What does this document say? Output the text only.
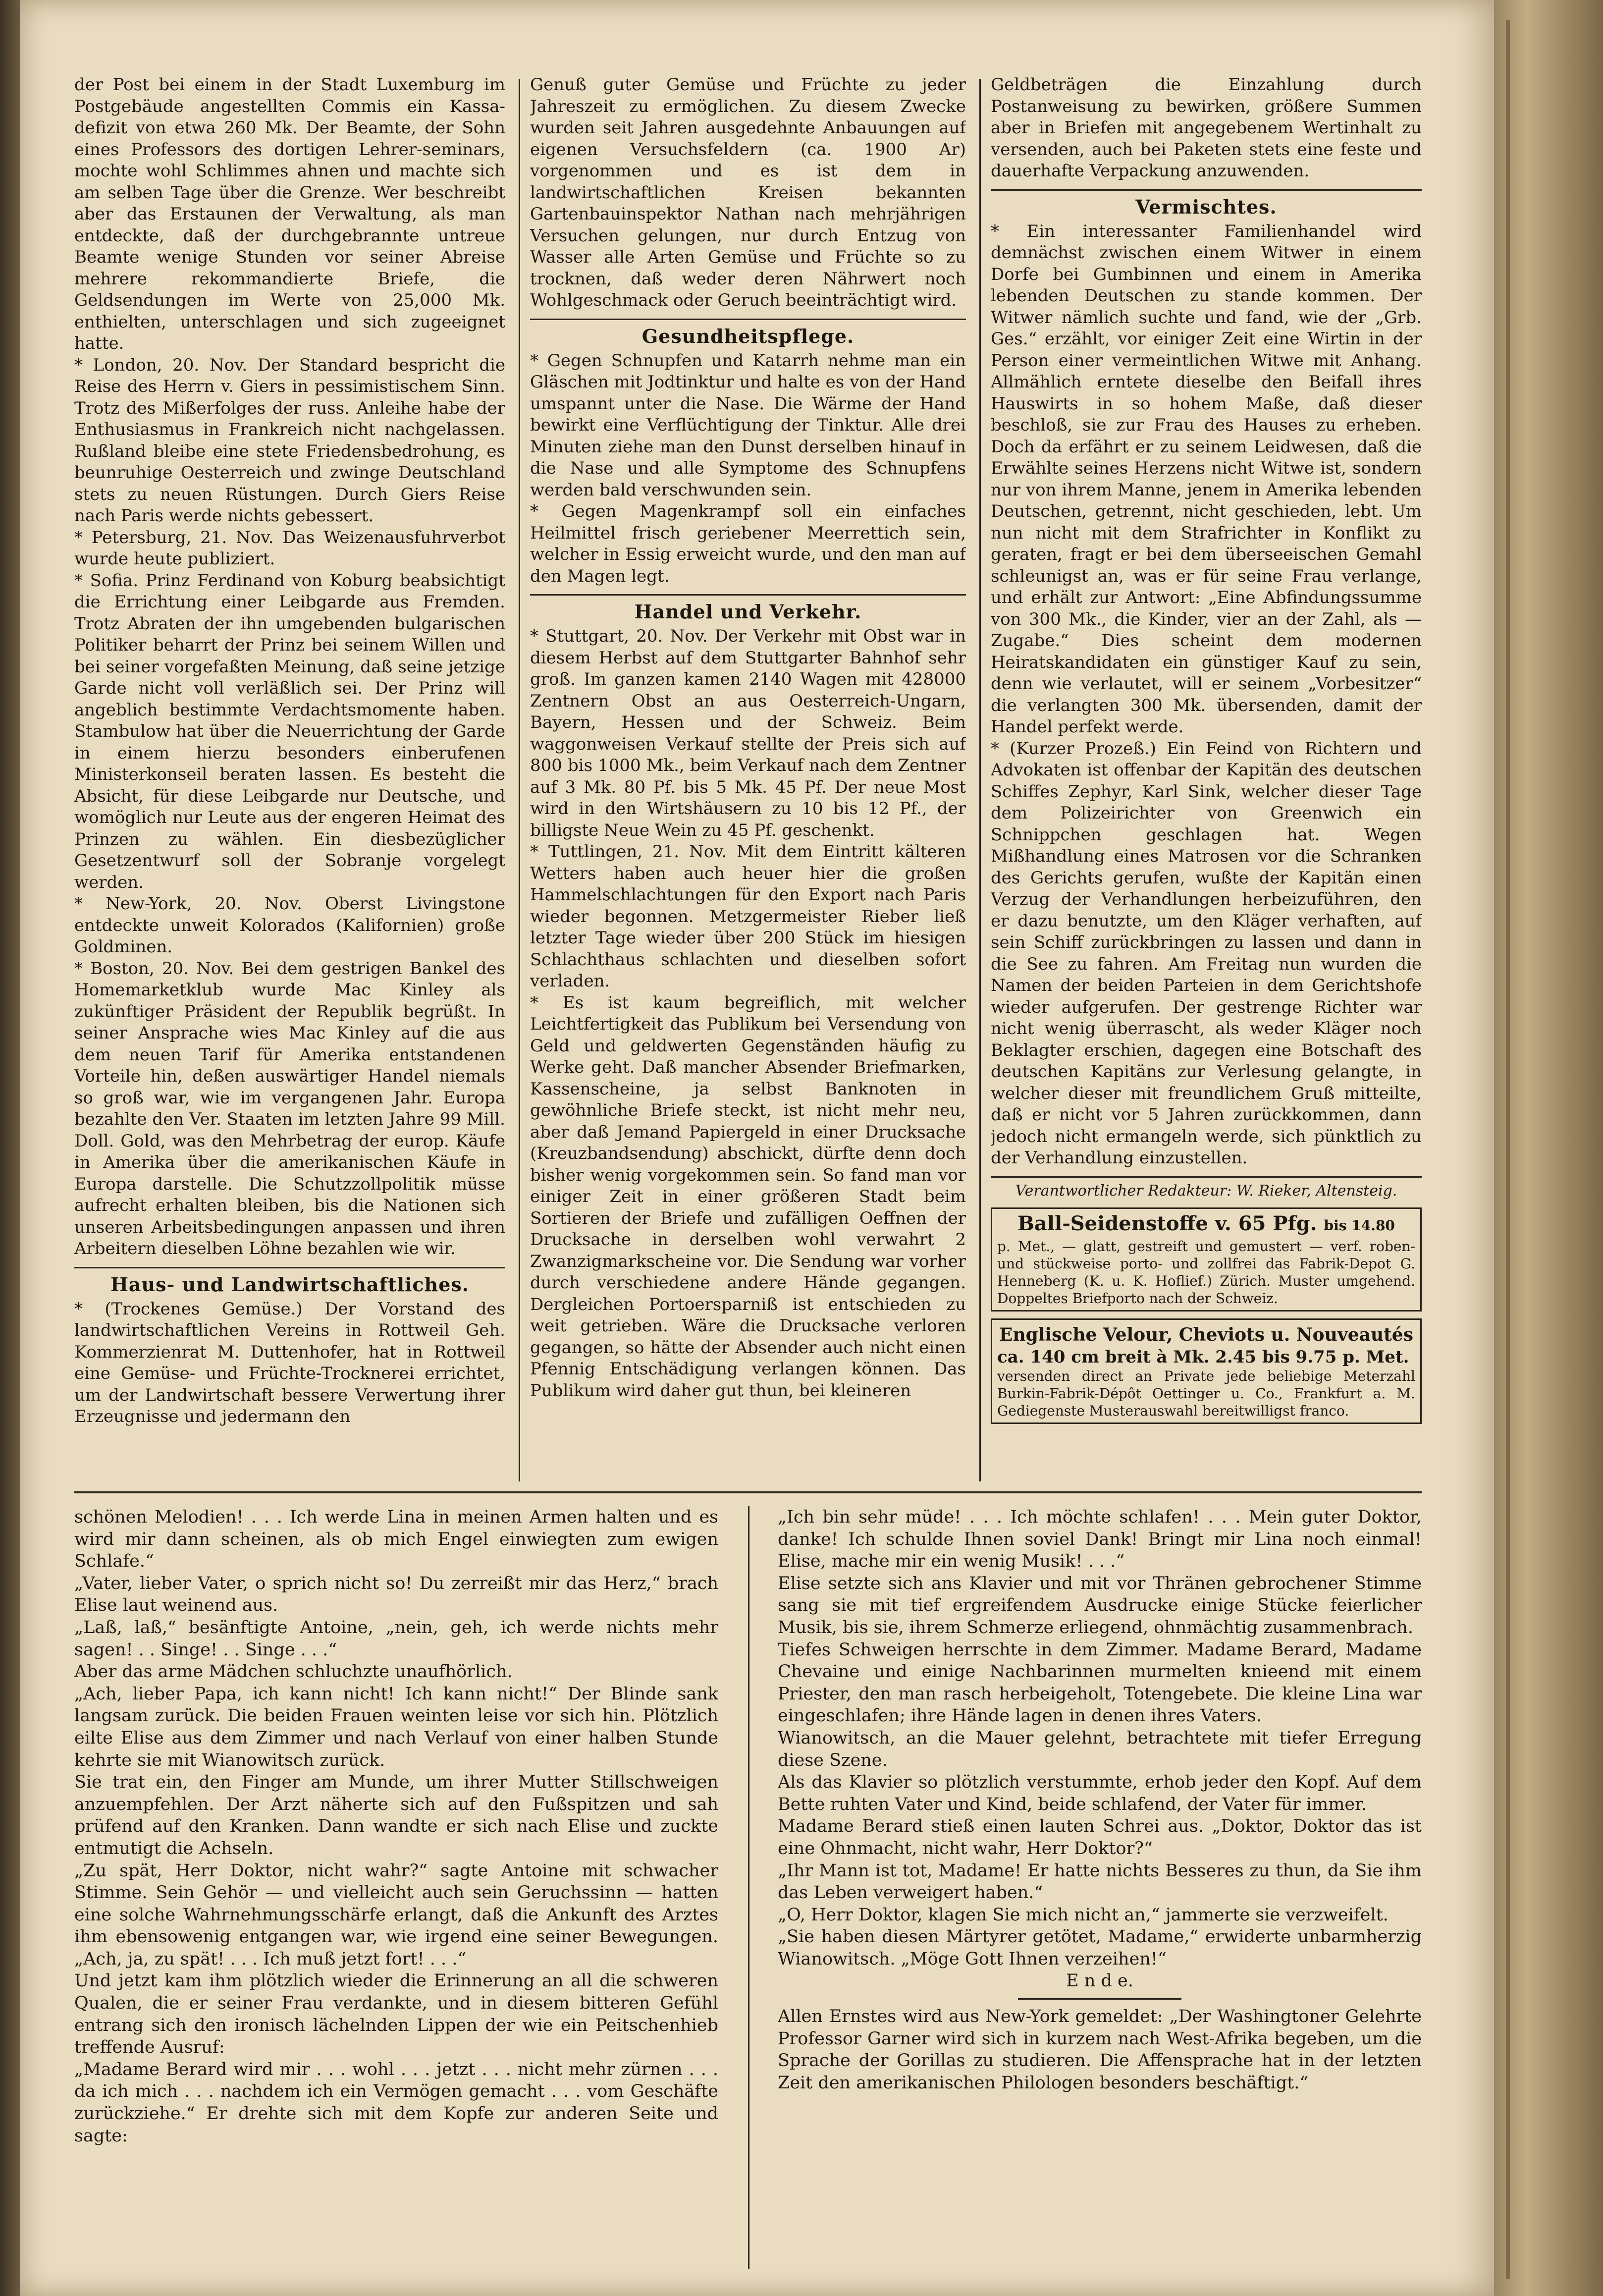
der Post bei einem in der Stadt Luxemburg im Postgebäude angestellten Commis ein Kassa-defizit von etwa 260 Mk. Der Beamte, der Sohn eines Professors des dortigen Lehrer-seminars, mochte wohl Schlimmes ahnen und machte sich am selben Tage über die Grenze. Wer beschreibt aber das Erstaunen der Verwaltung, als man entdeckte, daß der durchgebrannte untreue Beamte wenige Stunden vor seiner Abreise mehrere rekommandierte Briefe, die Geldsendungen im Werte von 25,000 Mk. enthielten, unterschlagen und sich zugeeignet hatte.

* London, 20. Nov. Der Standard bespricht die Reise des Herrn v. Giers in pessimistischem Sinn. Trotz des Mißerfolges der russ. Anleihe habe der Enthusiasmus in Frankreich nicht nachgelassen. Rußland bleibe eine stete Friedensbedrohung, es beunruhige Oesterreich und zwinge Deutschland stets zu neuen Rüstungen. Durch Giers Reise nach Paris werde nichts gebessert.

* Petersburg, 21. Nov. Das Weizenausfuhrverbot wurde heute publiziert.

* Sofia. Prinz Ferdinand von Koburg beabsichtigt die Errichtung einer Leibgarde aus Fremden. Trotz Abraten der ihn umgebenden bulgarischen Politiker beharrt der Prinz bei seinem Willen und bei seiner vorgefaßten Meinung, daß seine jetzige Garde nicht voll verläßlich sei. Der Prinz will angeblich bestimmte Verdachtsmomente haben. Stambulow hat über die Neuerrichtung der Garde in einem hierzu besonders einberufenen Ministerkonseil beraten lassen. Es besteht die Absicht, für diese Leibgarde nur Deutsche, und womöglich nur Leute aus der engeren Heimat des Prinzen zu wählen. Ein diesbezüglicher Gesetzentwurf soll der Sobranje vorgelegt werden.

* New-York, 20. Nov. Oberst Livingstone entdeckte unweit Kolorados (Kalifornien) große Goldminen.

* Boston, 20. Nov. Bei dem gestrigen Bankel des Homemarketklub wurde Mac Kinley als zukünftiger Präsident der Republik begrüßt. In seiner Ansprache wies Mac Kinley auf die aus dem neuen Tarif für Amerika entstandenen Vorteile hin, deßen auswärtiger Handel niemals so groß war, wie im vergangenen Jahr. Europa bezahlte den Ver. Staaten im letzten Jahre 99 Mill. Doll. Gold, was den Mehrbetrag der europ. Käufe in Amerika über die amerikanischen Käufe in Europa darstelle. Die Schutzzollpolitik müsse aufrecht erhalten bleiben, bis die Nationen sich unseren Arbeitsbedingungen anpassen und ihren Arbeitern dieselben Löhne bezahlen wie wir.

Haus- und Landwirtschaftliches.

* (Trockenes Gemüse.) Der Vorstand des landwirtschaftlichen Vereins in Rottweil Geh. Kommerzienrat M. Duttenhofer, hat in Rottweil eine Gemüse- und Früchte-Trocknerei errichtet, um der Landwirtschaft bessere Verwertung ihrer Erzeugnisse und jedermann den

Genuß guter Gemüse und Früchte zu jeder Jahreszeit zu ermöglichen. Zu diesem Zwecke wurden seit Jahren ausgedehnte Anbauungen auf eigenen Versuchsfeldern (ca. 1900 Ar) vorgenommen und es ist dem in landwirtschaftlichen Kreisen bekannten Gartenbauinspektor Nathan nach mehrjährigen Versuchen gelungen, nur durch Entzug von Wasser alle Arten Gemüse und Früchte so zu trocknen, daß weder deren Nährwert noch Wohlgeschmack oder Geruch beeinträchtigt wird.

Gesundheitspflege.

* Gegen Schnupfen und Katarrh nehme man ein Gläschen mit Jodtinktur und halte es von der Hand umspannt unter die Nase. Die Wärme der Hand bewirkt eine Verflüchtigung der Tinktur. Alle drei Minuten ziehe man den Dunst derselben hinauf in die Nase und alle Symptome des Schnupfens werden bald verschwunden sein.

* Gegen Magenkrampf soll ein einfaches Heilmittel frisch geriebener Meerrettich sein, welcher in Essig erweicht wurde, und den man auf den Magen legt.

Handel und Verkehr.

* Stuttgart, 20. Nov. Der Verkehr mit Obst war in diesem Herbst auf dem Stuttgarter Bahnhof sehr groß. Im ganzen kamen 2140 Wagen mit 428000 Zentnern Obst an aus Oesterreich-Ungarn, Bayern, Hessen und der Schweiz. Beim waggonweisen Verkauf stellte der Preis sich auf 800 bis 1000 Mk., beim Verkauf nach dem Zentner auf 3 Mk. 80 Pf. bis 5 Mk. 45 Pf. Der neue Most wird in den Wirtshäusern zu 10 bis 12 Pf., der billigste Neue Wein zu 45 Pf. geschenkt.

* Tuttlingen, 21. Nov. Mit dem Eintritt kälteren Wetters haben auch heuer hier die großen Hammelschlachtungen für den Export nach Paris wieder begonnen. Metzgermeister Rieber ließ letzter Tage wieder über 200 Stück im hiesigen Schlachthaus schlachten und dieselben sofort verladen.

* Es ist kaum begreiflich, mit welcher Leichtfertigkeit das Publikum bei Versendung von Geld und geldwerten Gegenständen häufig zu Werke geht. Daß mancher Absender Briefmarken, Kassenscheine, ja selbst Banknoten in gewöhnliche Briefe steckt, ist nicht mehr neu, aber daß Jemand Papiergeld in einer Drucksache (Kreuzbandsendung) abschickt, dürfte denn doch bisher wenig vorgekommen sein. So fand man vor einiger Zeit in einer größeren Stadt beim Sortieren der Briefe und zufälligen Oeffnen der Drucksache in derselben wohl verwahrt 2 Zwanzigmarkscheine vor. Die Sendung war vorher durch verschiedene andere Hände gegangen. Dergleichen Portoersparniß ist entschieden zu weit getrieben. Wäre die Drucksache verloren gegangen, so hätte der Absender auch nicht einen Pfennig Entschädigung verlangen können. Das Publikum wird daher gut thun, bei kleineren

Geldbeträgen die Einzahlung durch Postanweisung zu bewirken, größere Summen aber in Briefen mit angegebenem Wertinhalt zu versenden, auch bei Paketen stets eine feste und dauerhafte Verpackung anzuwenden.

Vermischtes.

* Ein interessanter Familienhandel wird demnächst zwischen einem Witwer in einem Dorfe bei Gumbinnen und einem in Amerika lebenden Deutschen zu stande kommen. Der Witwer nämlich suchte und fand, wie der „Grb. Ges.“ erzählt, vor einiger Zeit eine Wirtin in der Person einer vermeintlichen Witwe mit Anhang. Allmählich erntete dieselbe den Beifall ihres Hauswirts in so hohem Maße, daß dieser beschloß, sie zur Frau des Hauses zu erheben. Doch da erfährt er zu seinem Leidwesen, daß die Erwählte seines Herzens nicht Witwe ist, sondern nur von ihrem Manne, jenem in Amerika lebenden Deutschen, getrennt, nicht geschieden, lebt. Um nun nicht mit dem Strafrichter in Konflikt zu geraten, fragt er bei dem überseeischen Gemahl schleunigst an, was er für seine Frau verlange, und erhält zur Antwort: „Eine Abfindungssumme von 300 Mk., die Kinder, vier an der Zahl, als — Zugabe.“ Dies scheint dem modernen Heiratskandidaten ein günstiger Kauf zu sein, denn wie verlautet, will er seinem „Vorbesitzer“ die verlangten 300 Mk. übersenden, damit der Handel perfekt werde.

* (Kurzer Prozeß.) Ein Feind von Richtern und Advokaten ist offenbar der Kapitän des deutschen Schiffes Zephyr, Karl Sink, welcher dieser Tage dem Polizeirichter von Greenwich ein Schnippchen geschlagen hat. Wegen Mißhandlung eines Matrosen vor die Schranken des Gerichts gerufen, wußte der Kapitän einen Verzug der Verhandlungen herbeizuführen, den er dazu benutzte, um den Kläger verhaften, auf sein Schiff zurückbringen zu lassen und dann in die See zu fahren. Am Freitag nun wurden die Namen der beiden Parteien in dem Gerichtshofe wieder aufgerufen. Der gestrenge Richter war nicht wenig überrascht, als weder Kläger noch Beklagter erschien, dagegen eine Botschaft des deutschen Kapitäns zur Verlesung gelangte, in welcher dieser mit freundlichem Gruß mitteilte, daß er nicht vor 5 Jahren zurückkommen, dann jedoch nicht ermangeln werde, sich pünktlich zu der Verhandlung einzustellen.

Verantwortlicher Redakteur: W. Rieker, Altensteig.
Ball-Seidenstoffe v. 65 Pfg. bis 14.80
p. Met., — glatt, gestreift und gemustert — verf. roben- und stückweise porto- und zollfrei das Fabrik-Depot G. Henneberg (K. u. K. Hoflief.) Zürich. Muster umgehend. Doppeltes Briefporto nach der Schweiz.
Englische Velour, Cheviots u. Nouveautés
ca. 140 cm breit à Mk. 2.45 bis 9.75 p. Met.
versenden direct an Private jede beliebige Meterzahl Burkin-Fabrik-Dépôt Oettinger u. Co., Frankfurt a. M. Gediegenste Musterauswahl bereitwilligst franco.

schönen Melodien! . . . Ich werde Lina in meinen Armen halten und es wird mir dann scheinen, als ob mich Engel einwiegten zum ewigen Schlafe.“

„Vater, lieber Vater, o sprich nicht so! Du zerreißt mir das Herz,“ brach Elise laut weinend aus.

„Laß, laß,“ besänftigte Antoine, „nein, geh, ich werde nichts mehr sagen! . . Singe! . . Singe . . .“

Aber das arme Mädchen schluchzte unaufhörlich.

„Ach, lieber Papa, ich kann nicht! Ich kann nicht!“ Der Blinde sank langsam zurück. Die beiden Frauen weinten leise vor sich hin. Plötzlich eilte Elise aus dem Zimmer und nach Verlauf von einer halben Stunde kehrte sie mit Wianowitsch zurück.

Sie trat ein, den Finger am Munde, um ihrer Mutter Stillschweigen anzuempfehlen. Der Arzt näherte sich auf den Fußspitzen und sah prüfend auf den Kranken. Dann wandte er sich nach Elise und zuckte entmutigt die Achseln.

„Zu spät, Herr Doktor, nicht wahr?“ sagte Antoine mit schwacher Stimme. Sein Gehör — und vielleicht auch sein Geruchssinn — hatten eine solche Wahrnehmungsschärfe erlangt, daß die Ankunft des Arztes ihm ebensowenig entgangen war, wie irgend eine seiner Bewegungen. „Ach, ja, zu spät! . . . Ich muß jetzt fort! . . .“

Und jetzt kam ihm plötzlich wieder die Erinnerung an all die schweren Qualen, die er seiner Frau verdankte, und in diesem bitteren Gefühl entrang sich den ironisch lächelnden Lippen der wie ein Peitschenhieb treffende Ausruf:

„Madame Berard wird mir . . . wohl . . . jetzt . . . nicht mehr zürnen . . . da ich mich . . . nachdem ich ein Vermögen gemacht . . . vom Geschäfte zurückziehe.“ Er drehte sich mit dem Kopfe zur anderen Seite und sagte:

„Ich bin sehr müde! . . . Ich möchte schlafen! . . . Mein guter Doktor, danke! Ich schulde Ihnen soviel Dank! Bringt mir Lina noch einmal! Elise, mache mir ein wenig Musik! . . .“

Elise setzte sich ans Klavier und mit vor Thränen gebrochener Stimme sang sie mit tief ergreifendem Ausdrucke einige Stücke feierlicher Musik, bis sie, ihrem Schmerze erliegend, ohnmächtig zusammenbrach.

Tiefes Schweigen herrschte in dem Zimmer. Madame Berard, Madame Chevaine und einige Nachbarinnen murmelten knieend mit einem Priester, den man rasch herbeigeholt, Totengebete. Die kleine Lina war eingeschlafen; ihre Hände lagen in denen ihres Vaters.

Wianowitsch, an die Mauer gelehnt, betrachtete mit tiefer Erregung diese Szene.

Als das Klavier so plötzlich verstummte, erhob jeder den Kopf. Auf dem Bette ruhten Vater und Kind, beide schlafend, der Vater für immer.

Madame Berard stieß einen lauten Schrei aus. „Doktor, Doktor das ist eine Ohnmacht, nicht wahr, Herr Doktor?“

„Ihr Mann ist tot, Madame! Er hatte nichts Besseres zu thun, da Sie ihm das Leben verweigert haben.“

„O, Herr Doktor, klagen Sie mich nicht an,“ jammerte sie verzweifelt.

„Sie haben diesen Märtyrer getötet, Madame,“ erwiderte unbarmherzig Wianowitsch. „Möge Gott Ihnen verzeihen!“

E n d e.

Allen Ernstes wird aus New-York gemeldet: „Der Washingtoner Gelehrte Professor Garner wird sich in kurzem nach West-Afrika begeben, um die Sprache der Gorillas zu studieren. Die Affensprache hat in der letzten Zeit den amerikanischen Philologen besonders beschäftigt.“
